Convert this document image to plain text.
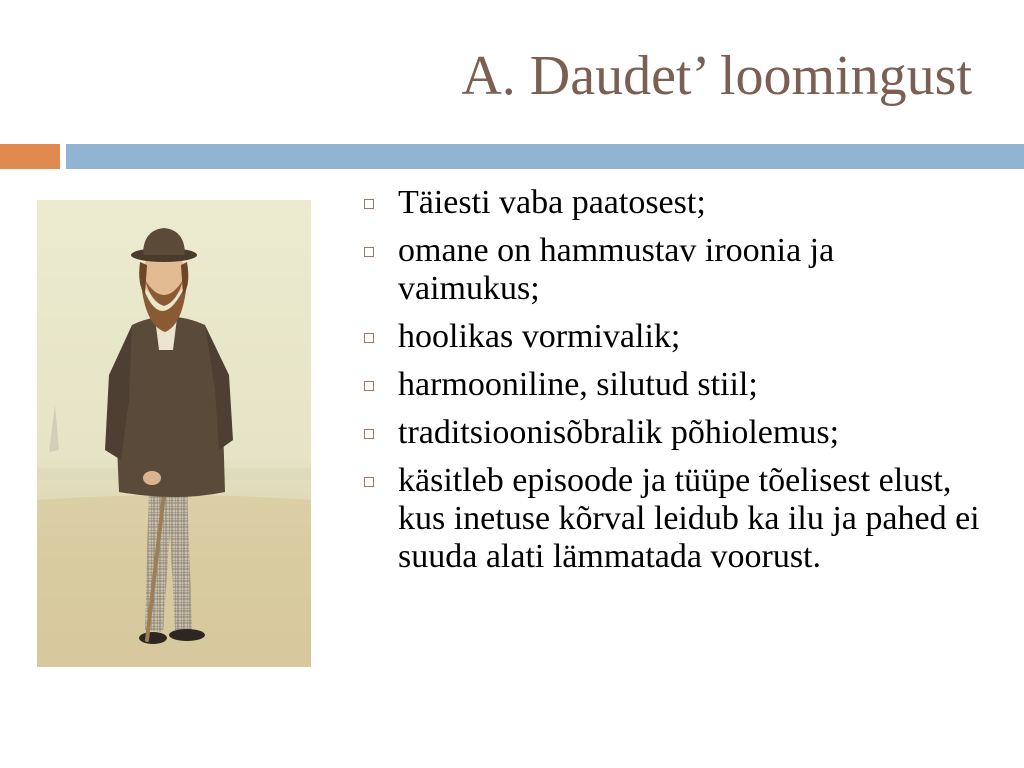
A. Daudet’ loomingust
Täiesti vaba paatosest;
omane on hammustav iroonia ja vaimukus;
hoolikas vormivalik;
harmooniline, silutud stiil;
traditsioonisõbralik põhiolemus;
käsitleb episoode ja tüüpe tõelisest elust, kus inetuse kõrval leidub ka ilu ja pahed ei suuda alati lämmatada voorust.
